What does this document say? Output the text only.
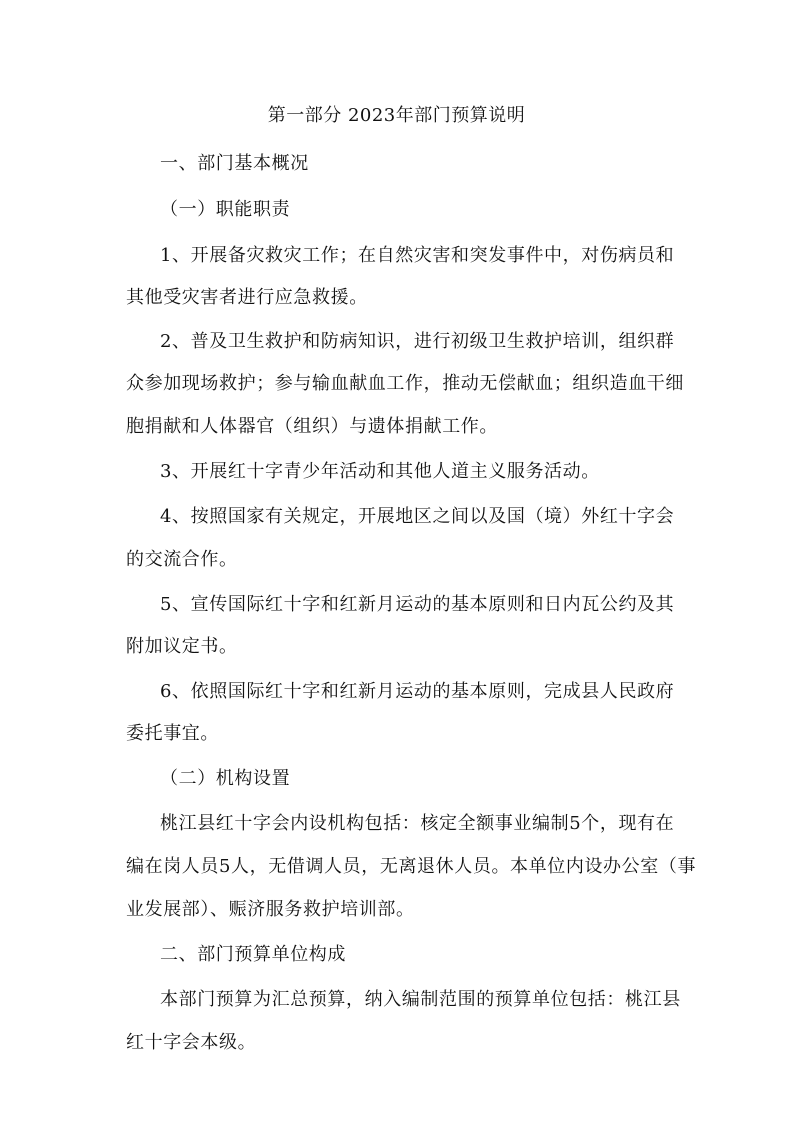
第一部分 2023年部门预算说明
一、部门基本概况
（一）职能职责
1、开展备灾救灾工作；在自然灾害和突发事件中，对伤病员和
其他受灾害者进行应急救援。
2、普及卫生救护和防病知识，进行初级卫生救护培训，组织群
众参加现场救护；参与输血献血工作，推动无偿献血；组织造血干细
胞捐献和人体器官（组织）与遗体捐献工作。
3、开展红十字青少年活动和其他人道主义服务活动。
4、按照国家有关规定，开展地区之间以及国（境）外红十字会
的交流合作。
5、宣传国际红十字和红新月运动的基本原则和日内瓦公约及其
附加议定书。
6、依照国际红十字和红新月运动的基本原则，完成县人民政府
委托事宜。
（二）机构设置
桃江县红十字会内设机构包括：核定全额事业编制5个，现有在
编在岗人员5人，无借调人员，无离退休人员。本单位内设办公室（事
业发展部）、赈济服务救护培训部。
二、部门预算单位构成
本部门预算为汇总预算，纳入编制范围的预算单位包括：桃江县
红十字会本级。
